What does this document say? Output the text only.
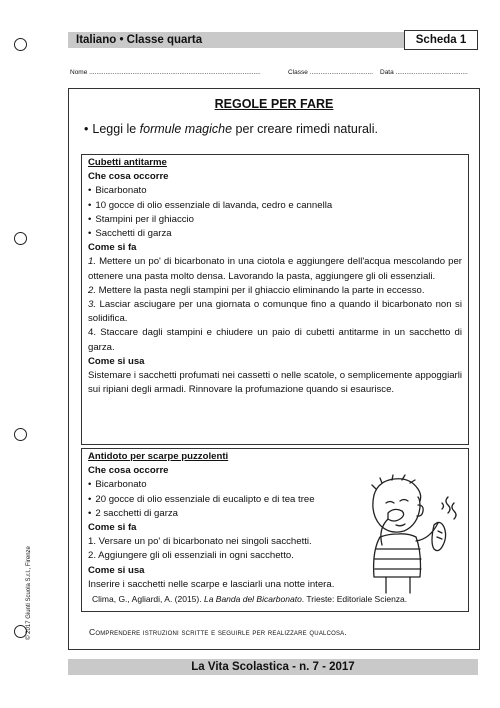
Italiano • Classe quarta	Scheda 1
Nome ...............................................................................................	Classe ................................... Data ........................................
© 2017 Giunti Scuola S.r.l., Firenze
REGOLE PER FARE
• Leggi le formule magiche per creare rimedi naturali.
Cubetti antitarme
Che cosa occorre
• Bicarbonato
• 10 gocce di olio essenziale di lavanda, cedro e cannella
• Stampini per il ghiaccio
• Sacchetti di garza
Come si fa
1. Mettere un po' di bicarbonato in una ciotola e aggiungere dell'acqua mescolando per ottenere una pasta molto densa. Lavorando la pasta, aggiungere gli oli essenziali.
2. Mettere la pasta negli stampini per il ghiaccio eliminando la parte in eccesso.
3. Lasciar asciugare per una giornata o comunque fino a quando il bicarbonato non si solidifica.
4. Staccare dagli stampini e chiudere un paio di cubetti antitarme in un sacchetto di garza.
Come si usa
Sistemare i sacchetti profumati nei cassetti o nelle scatole, o semplicemente appoggiarli sui ripiani degli armadi. Rinnovare la profumazione quando si esaurisce.
Antidoto per scarpe puzzolenti
Che cosa occorre
• Bicarbonato
• 20 gocce di olio essenziale di eucalipto e di tea tree
• 2 sacchetti di garza
Come si fa
1. Versare un po' di bicarbonato nei singoli sacchetti.
2. Aggiungere gli oli essenziali in ogni sacchetto.
Come si usa
Inserire i sacchetti nelle scarpe e lasciarli una notte intera.
Clima, G., Agliardi, A. (2015). La Banda del Bicarbonato. Trieste: Editoriale Scienza.
Comprendere istruzioni scritte e seguirle per realizzare qualcosa.
La Vita Scolastica - n. 7 - 2017
